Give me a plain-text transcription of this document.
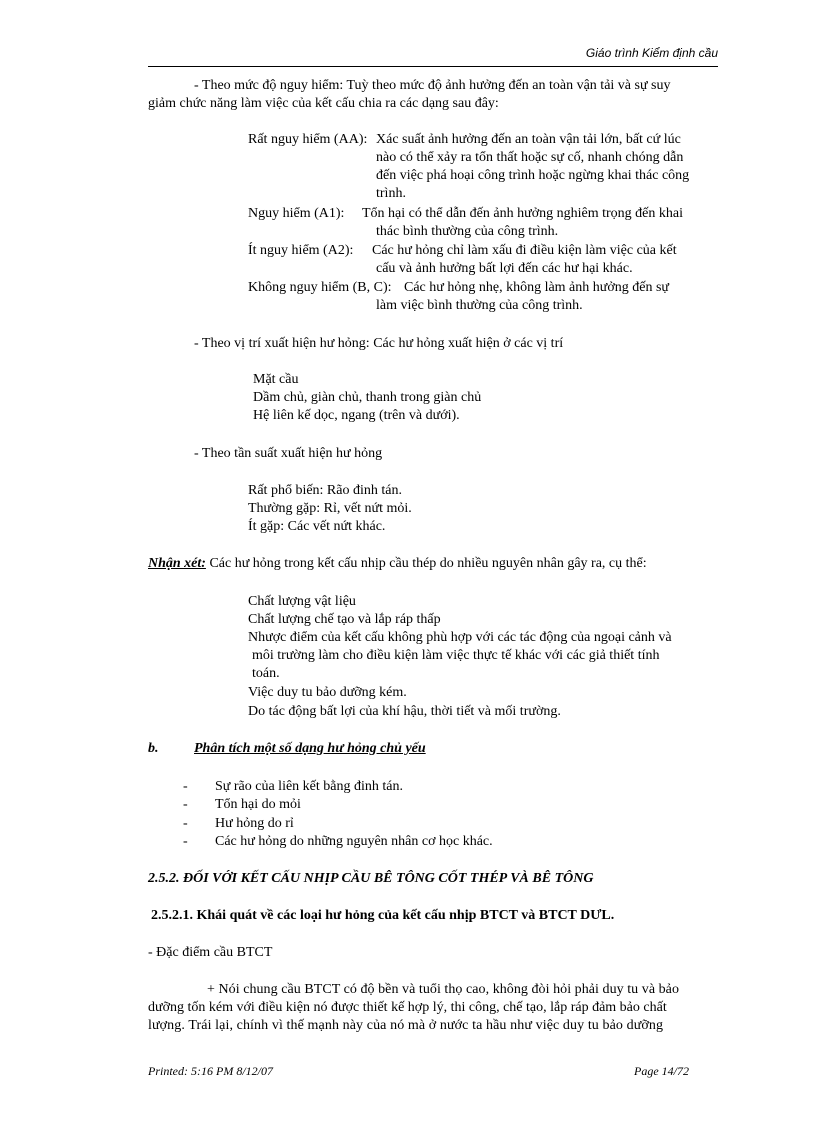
Giáo trình Kiểm định cầu
- Theo mức độ nguy hiểm: Tuỳ theo mức độ ảnh hưởng đến an toàn vận tải và sự suy
giảm chức năng làm việc của kết cấu chia ra các dạng sau đây:
Rất nguy hiểm (AA): Xác suất ảnh hưởng đến an toàn vận tải lớn, bất cứ lúc
nào có thể xảy ra tổn thất hoặc sự cố, nhanh chóng dẫn
đến việc phá hoại công trình hoặc ngừng khai thác công
trình.
Nguy hiểm (A1): Tổn hại có thể dẫn đến ảnh hưởng nghiêm trọng đến khai
thác bình thường của công trình.
Ít nguy hiểm (A2): Các hư hỏng chỉ làm xấu đi điều kiện làm việc của kết
cấu và ảnh hưởng bất lợi đến các hư hại khác.
Không nguy hiểm (B, C): Các hư hỏng nhẹ, không làm ảnh hưởng đến sự
làm việc bình thường của công trình.
- Theo vị trí xuất hiện hư hỏng: Các hư hỏng xuất hiện ở các vị trí
Mặt cầu
Dầm chủ, giàn chủ, thanh trong giàn chủ
Hệ liên kế dọc, ngang (trên và dưới).
- Theo tần suất xuất hiện hư hỏng
Rất phổ biến: Rão đinh tán.
Thường gặp: Rỉ, vết nứt mỏi.
Ít gặp: Các vết nứt khác.
Nhận xét: Các hư hỏng trong kết cấu nhịp cầu thép do nhiều nguyên nhân gây ra, cụ thể:
Chất lượng vật liệu
Chất lượng chế tạo và lắp ráp thấp
Nhược điểm của kết cấu không phù hợp với các tác động của ngoại cảnh và
môi trường làm cho điều kiện làm việc thực tế khác với các giả thiết tính
toán.
Việc duy tu bảo dưỡng kém.
Do tác động bất lợi của khí hậu, thời tiết và mối trường.
b.	Phân tích một số dạng hư hỏng chủ yếu
- Sự rão của liên kết bằng đinh tán.
- Tổn hại do mỏi
- Hư hỏng do rỉ
- Các hư hỏng do những nguyên nhân cơ học khác.
2.5.2. ĐỐI VỚI KẾT CẤU NHỊP CẦU BÊ TÔNG CỐT THÉP VÀ BÊ TÔNG
2.5.2.1. Khái quát về các loại hư hỏng của kết cấu nhịp BTCT và BTCT DƯL.
- Đặc điểm cầu BTCT
+ Nói chung cầu BTCT có độ bền và tuổi thọ cao, không đòi hỏi phải duy tu và bảo
dưỡng tốn kém với điều kiện nó được thiết kế hợp lý, thi công, chế tạo, lắp ráp đảm bảo chất
lượng. Trái lại, chính vì thế mạnh này của nó mà ở nước ta hầu như việc duy tu bảo dưỡng
Printed: 5:16 PM 8/12/07	Page 14/72
